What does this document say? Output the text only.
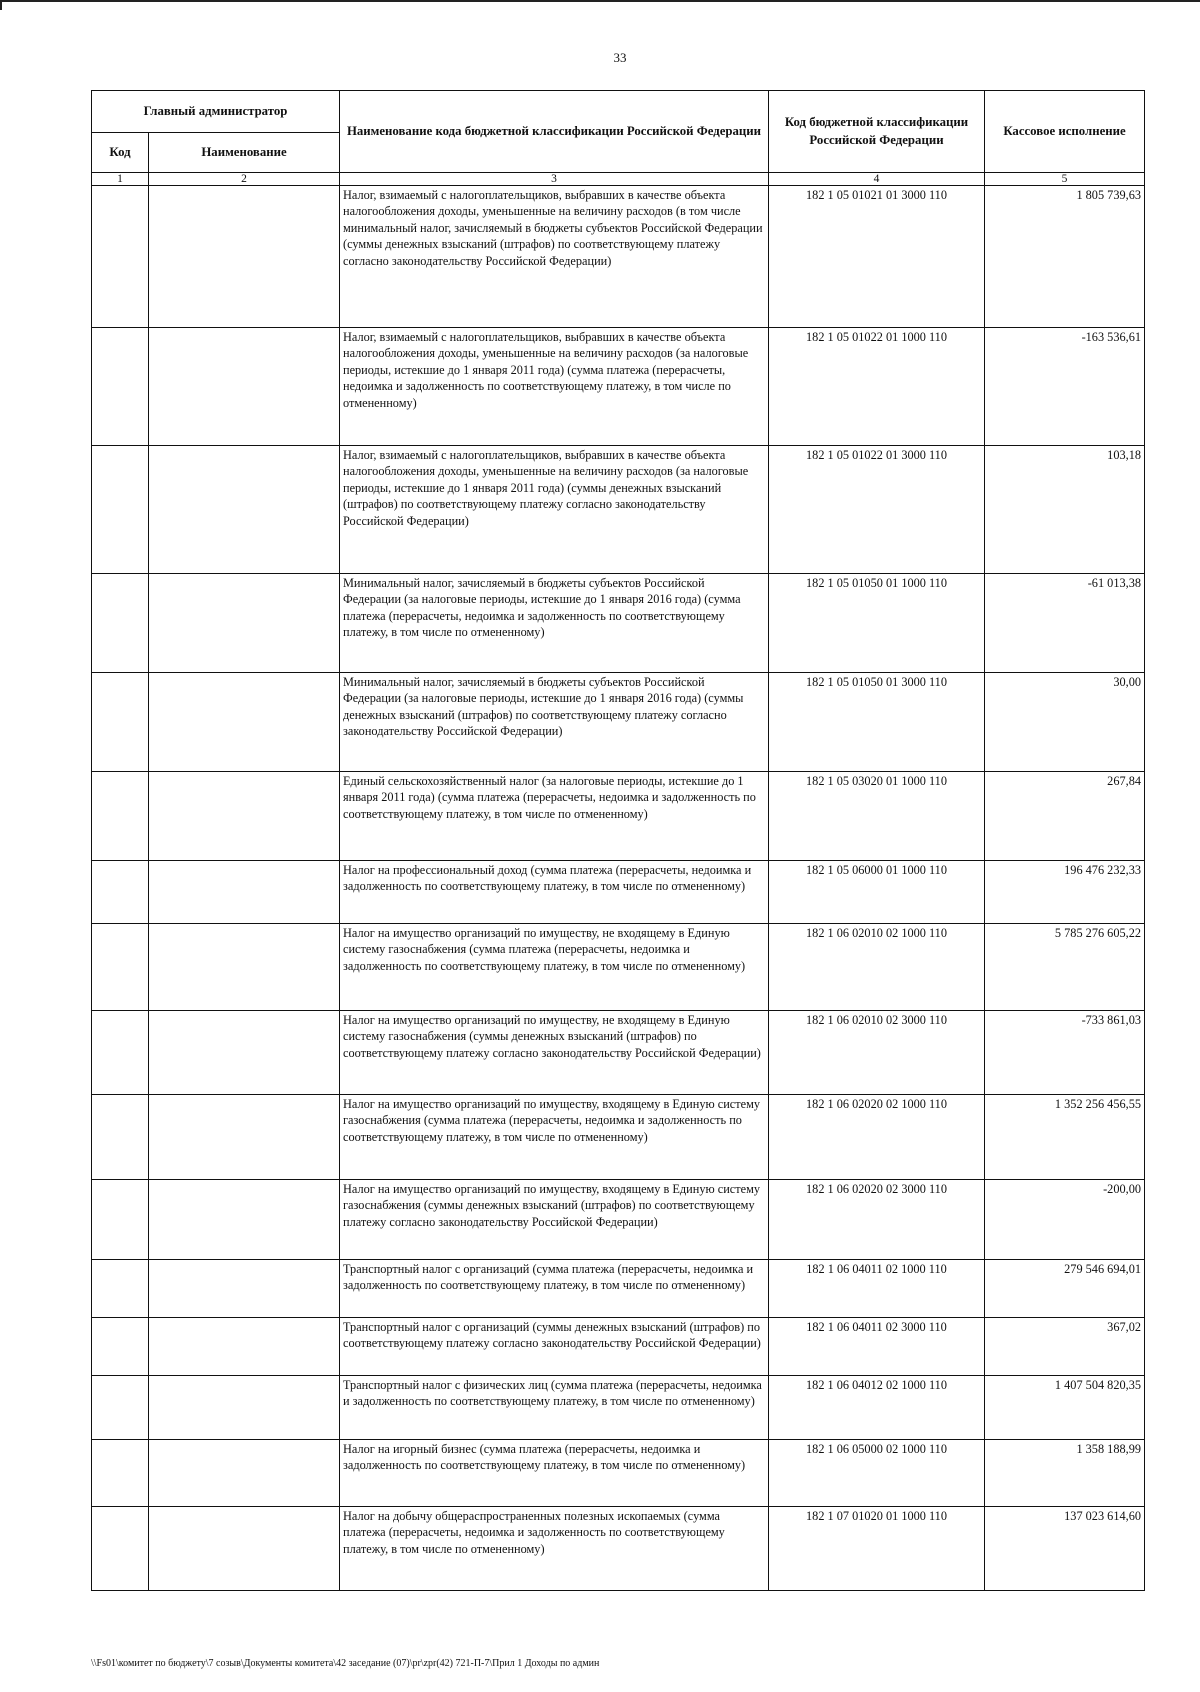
33
Главный администратор		Наименование кода бюджетной классификации Российской Федерации	Код бюджетной классификации Российской Федерации	Кассовое исполнение
Код	Наименование			
1	2	3	4	5
		Налог, взимаемый с налогоплательщиков, выбравших в качестве объекта налогообложения доходы, уменьшенные на величину расходов (в том числе минимальный налог, зачисляемый в бюджеты субъектов Российской Федерации (суммы денежных взысканий (штрафов) по соответствующему платежу согласно законодательству Российской Федерации)	182 1 05 01021 01 3000 110	1 805 739,63
		Налог, взимаемый с налогоплательщиков, выбравших в качестве объекта налогообложения доходы, уменьшенные на величину расходов (за налоговые периоды, истекшие до 1 января 2011 года) (сумма платежа (перерасчеты, недоимка и задолженность по соответствующему платежу, в том числе по отмененному)	182 1 05 01022 01 1000 110	-163 536,61
		Налог, взимаемый с налогоплательщиков, выбравших в качестве объекта налогообложения доходы, уменьшенные на величину расходов (за налоговые периоды, истекшие до 1 января 2011 года) (суммы денежных взысканий (штрафов) по соответствующему платежу согласно законодательству Российской Федерации)	182 1 05 01022 01 3000 110	103,18
		Минимальный налог, зачисляемый в бюджеты субъектов Российской Федерации (за налоговые периоды, истекшие до 1 января 2016 года) (сумма платежа (перерасчеты, недоимка и задолженность по соответствующему платежу, в том числе по отмененному)	182 1 05 01050 01 1000 110	-61 013,38
		Минимальный налог, зачисляемый в бюджеты субъектов Российской Федерации (за налоговые периоды, истекшие до 1 января 2016 года) (суммы денежных взысканий (штрафов) по соответствующему платежу согласно законодательству Российской Федерации)	182 1 05 01050 01 3000 110	30,00
		Единый сельскохозяйственный налог (за налоговые периоды, истекшие до 1 января 2011 года) (сумма платежа (перерасчеты, недоимка и задолженность по соответствующему платежу, в том числе по отмененному)	182 1 05 03020 01 1000 110	267,84
		Налог на профессиональный доход (сумма платежа (перерасчеты, недоимка и задолженность по соответствующему платежу, в том числе по отмененному)	182 1 05 06000 01 1000 110	196 476 232,33
		Налог на имущество организаций по имуществу, не входящему в Единую систему газоснабжения (сумма платежа (перерасчеты, недоимка и задолженность по соответствующему платежу, в том числе по отмененному)	182 1 06 02010 02 1000 110	5 785 276 605,22
		Налог на имущество организаций по имуществу, не входящему в Единую систему газоснабжения (суммы денежных взысканий (штрафов) по соответствующему платежу согласно законодательству Российской Федерации)	182 1 06 02010 02 3000 110	-733 861,03
		Налог на имущество организаций по имуществу, входящему в Единую систему газоснабжения (сумма платежа (перерасчеты, недоимка и задолженность по соответствующему платежу, в том числе по отмененному)	182 1 06 02020 02 1000 110	1 352 256 456,55
		Налог на имущество организаций по имуществу, входящему в Единую систему газоснабжения (суммы денежных взысканий (штрафов) по соответствующему платежу согласно законодательству Российской Федерации)	182 1 06 02020 02 3000 110	-200,00
		Транспортный налог с организаций (сумма платежа (перерасчеты, недоимка и задолженность по соответствующему платежу, в том числе по отмененному)	182 1 06 04011 02 1000 110	279 546 694,01
		Транспортный налог с организаций (суммы денежных взысканий (штрафов) по соответствующему платежу согласно законодательству Российской Федерации)	182 1 06 04011 02 3000 110	367,02
		Транспортный налог с физических лиц (сумма платежа (перерасчеты, недоимка и задолженность по соответствующему платежу, в том числе по отмененному)	182 1 06 04012 02 1000 110	1 407 504 820,35
		Налог на игорный бизнес (сумма платежа (перерасчеты, недоимка и задолженность по соответствующему платежу, в том числе по отмененному)	182 1 06 05000 02 1000 110	1 358 188,99
		Налог на добычу общераспространенных полезных ископаемых (сумма платежа (перерасчеты, недоимка и задолженность по соответствующему платежу, в том числе по отмененному)	182 1 07 01020 01 1000 110	137 023 614,60
\\Fs01\комитет по бюджету\7 созыв\Документы комитета\42 заседание (07)\pr\zpr(42) 721-П-7\Прил 1 Доходы по админ
